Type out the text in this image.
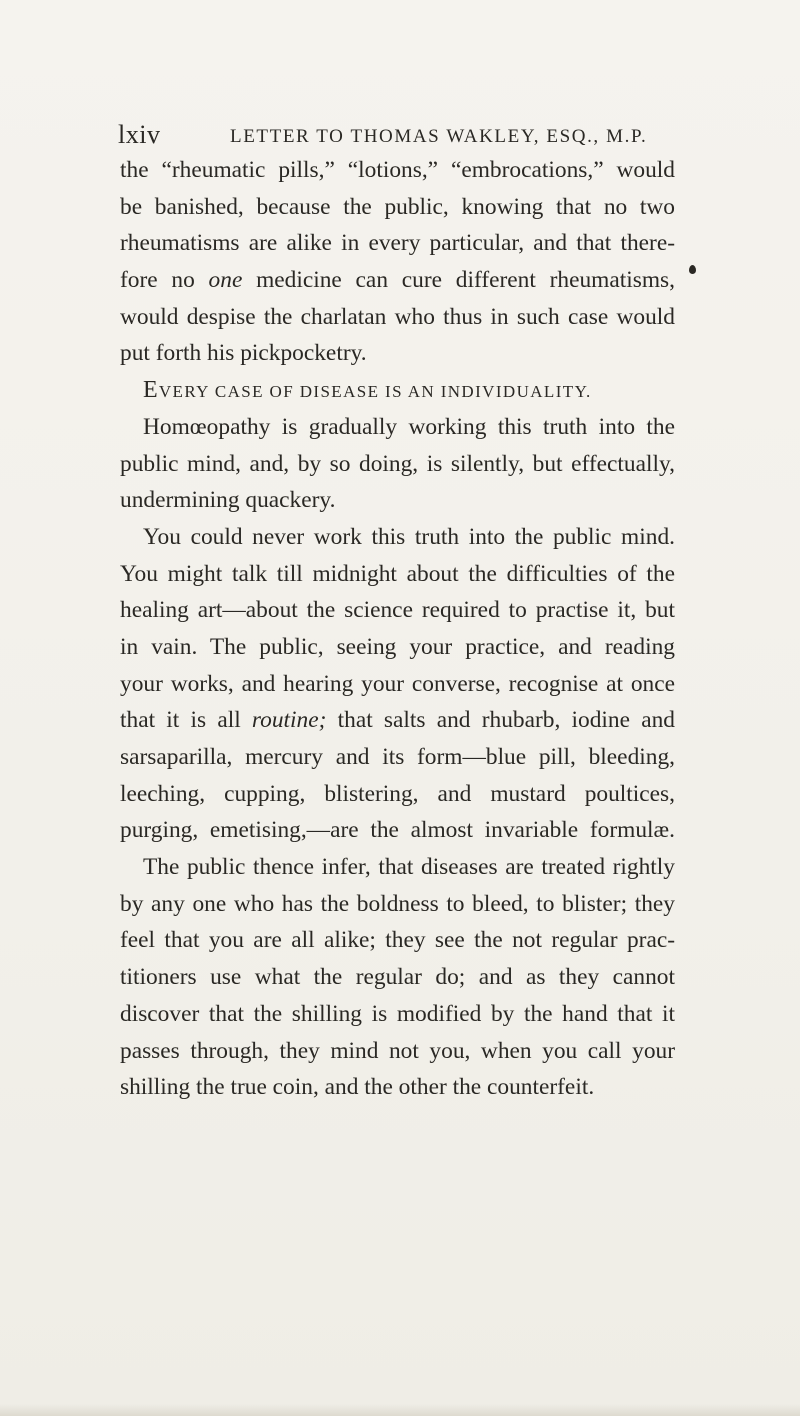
lxiv	LETTER TO THOMAS WAKLEY, ESQ., M.P.
the “rheumatic pills,” “lotions,” “embrocations,” would
be banished, because the public, knowing that no two
rheumatisms are alike in every particular, and that there-
fore no one medicine can cure different rheumatisms,
would despise the charlatan who thus in such case would
put forth his pickpocketry.
EVERY CASE OF DISEASE IS AN INDIVIDUALITY.
Homœopathy is gradually working this truth into the
public mind, and, by so doing, is silently, but effectually,
undermining quackery.
You could never work this truth into the public mind.
You might talk till midnight about the difficulties of the
healing art—about the science required to practise it, but
in vain. The public, seeing your practice, and reading
your works, and hearing your converse, recognise at once
that it is all routine; that salts and rhubarb, iodine and
sarsaparilla, mercury and its form—blue pill, bleeding,
leeching, cupping, blistering, and mustard poultices,
purging, emetising,—are the almost invariable formulæ.
The public thence infer, that diseases are treated rightly
by any one who has the boldness to bleed, to blister; they
feel that you are all alike; they see the not regular prac-
titioners use what the regular do; and as they cannot
discover that the shilling is modified by the hand that it
passes through, they mind not you, when you call your
shilling the true coin, and the other the counterfeit.
